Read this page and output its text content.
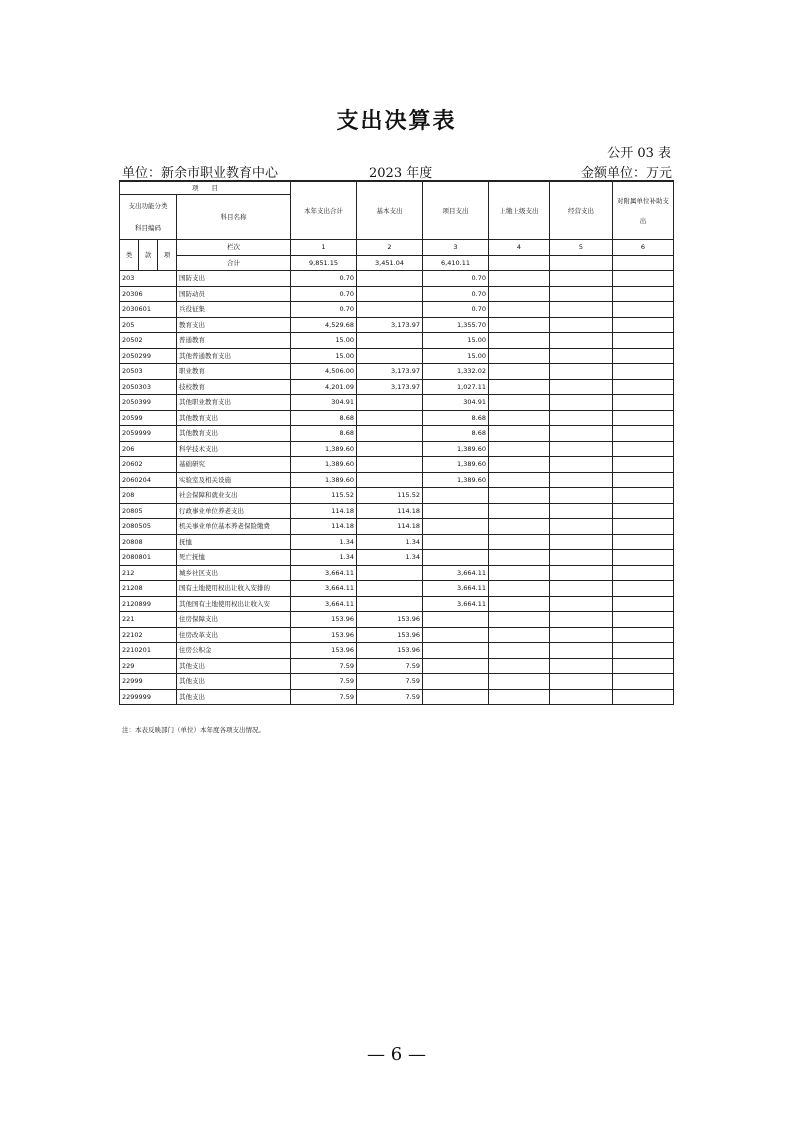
支出决算表
公开 03 表
单位：新余市职业教育中心	2023 年度	金额单位：万元
项　　目				本年支出合计	基本支出	项目支出	上缴上级支出	经营支出	对附属单位补助支出
支出功能分类
科目编码			科目名称						
类	款	项							
			栏次	1	2	3	4	5	6
			合计	9,851.15	3,451.04	6,410.11			
203			国防支出	0.70		0.70			
20306			国防动员	0.70		0.70			
2030601			兵役征集	0.70		0.70			
205			教育支出	4,529.68	3,173.97	1,355.70			
20502			普通教育	15.00		15.00			
2050299			其他普通教育支出	15.00		15.00			
20503			职业教育	4,506.00	3,173.97	1,332.02			
2050303			技校教育	4,201.09	3,173.97	1,027.11			
2050399			其他职业教育支出	304.91		304.91			
20599			其他教育支出	8.68		8.68			
2059999			其他教育支出	8.68		8.68			
206			科学技术支出	1,389.60		1,389.60			
20602			基础研究	1,389.60		1,389.60			
2060204			实验室及相关设施	1,389.60		1,389.60			
208			社会保障和就业支出	115.52	115.52				
20805			行政事业单位养老支出	114.18	114.18				
2080505			机关事业单位基本养老保险缴费	114.18	114.18				
20808			抚恤	1.34	1.34				
2080801			死亡抚恤	1.34	1.34				
212			城乡社区支出	3,664.11		3,664.11			
21208			国有土地使用权出让收入安排的	3,664.11		3,664.11			
2120899			其他国有土地使用权出让收入安	3,664.11		3,664.11			
221			住房保障支出	153.96	153.96				
22102			住房改革支出	153.96	153.96				
2210201			住房公积金	153.96	153.96				
229			其他支出	7.59	7.59				
22999			其他支出	7.59	7.59				
2299999			其他支出	7.59	7.59				
注：本表反映部门（单位）本年度各项支出情况。
— 6 —
